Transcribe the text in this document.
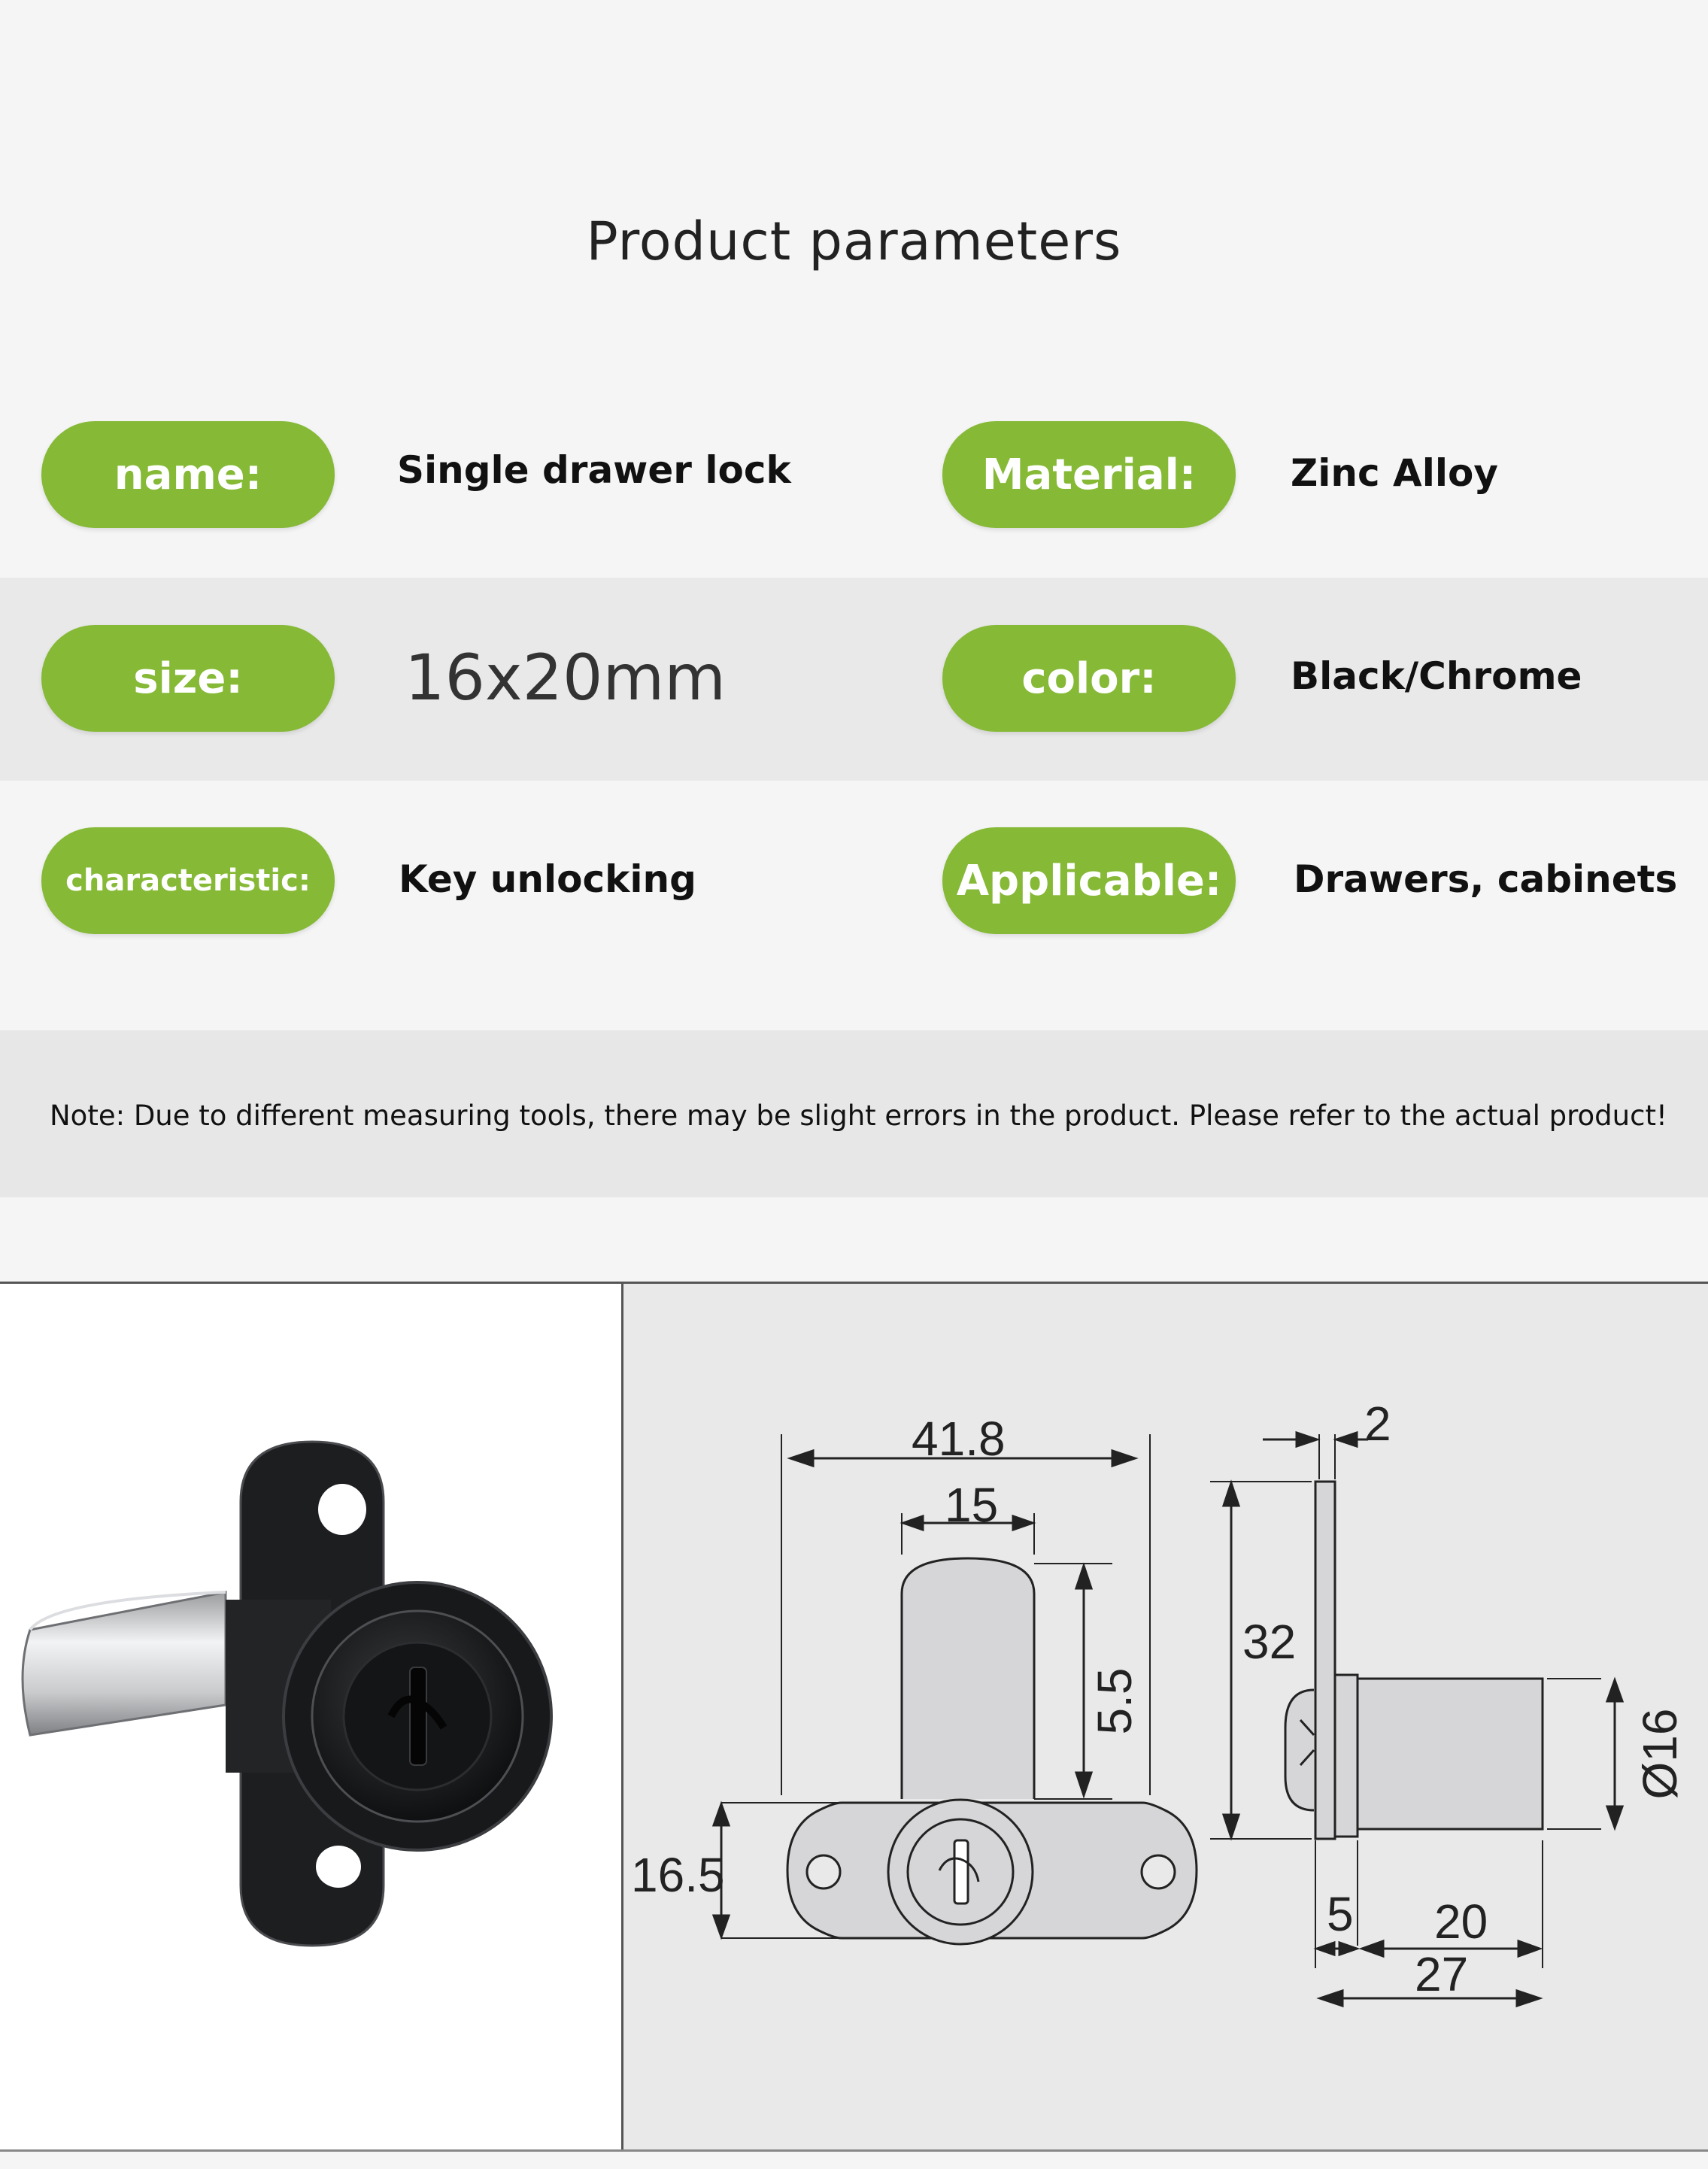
Product parameters
name:	Single drawer lock	Material:	Zinc Alloy
size:	16x20mm	color:	Black/Chrome
characteristic:	Key unlocking	Applicable:	Drawers, cabinets
Note: Due to different measuring tools, there may be slight errors in the product. Please refer to the actual product!
41.8
15
5.5
16.5
2
32
Ø16
5 20
27
